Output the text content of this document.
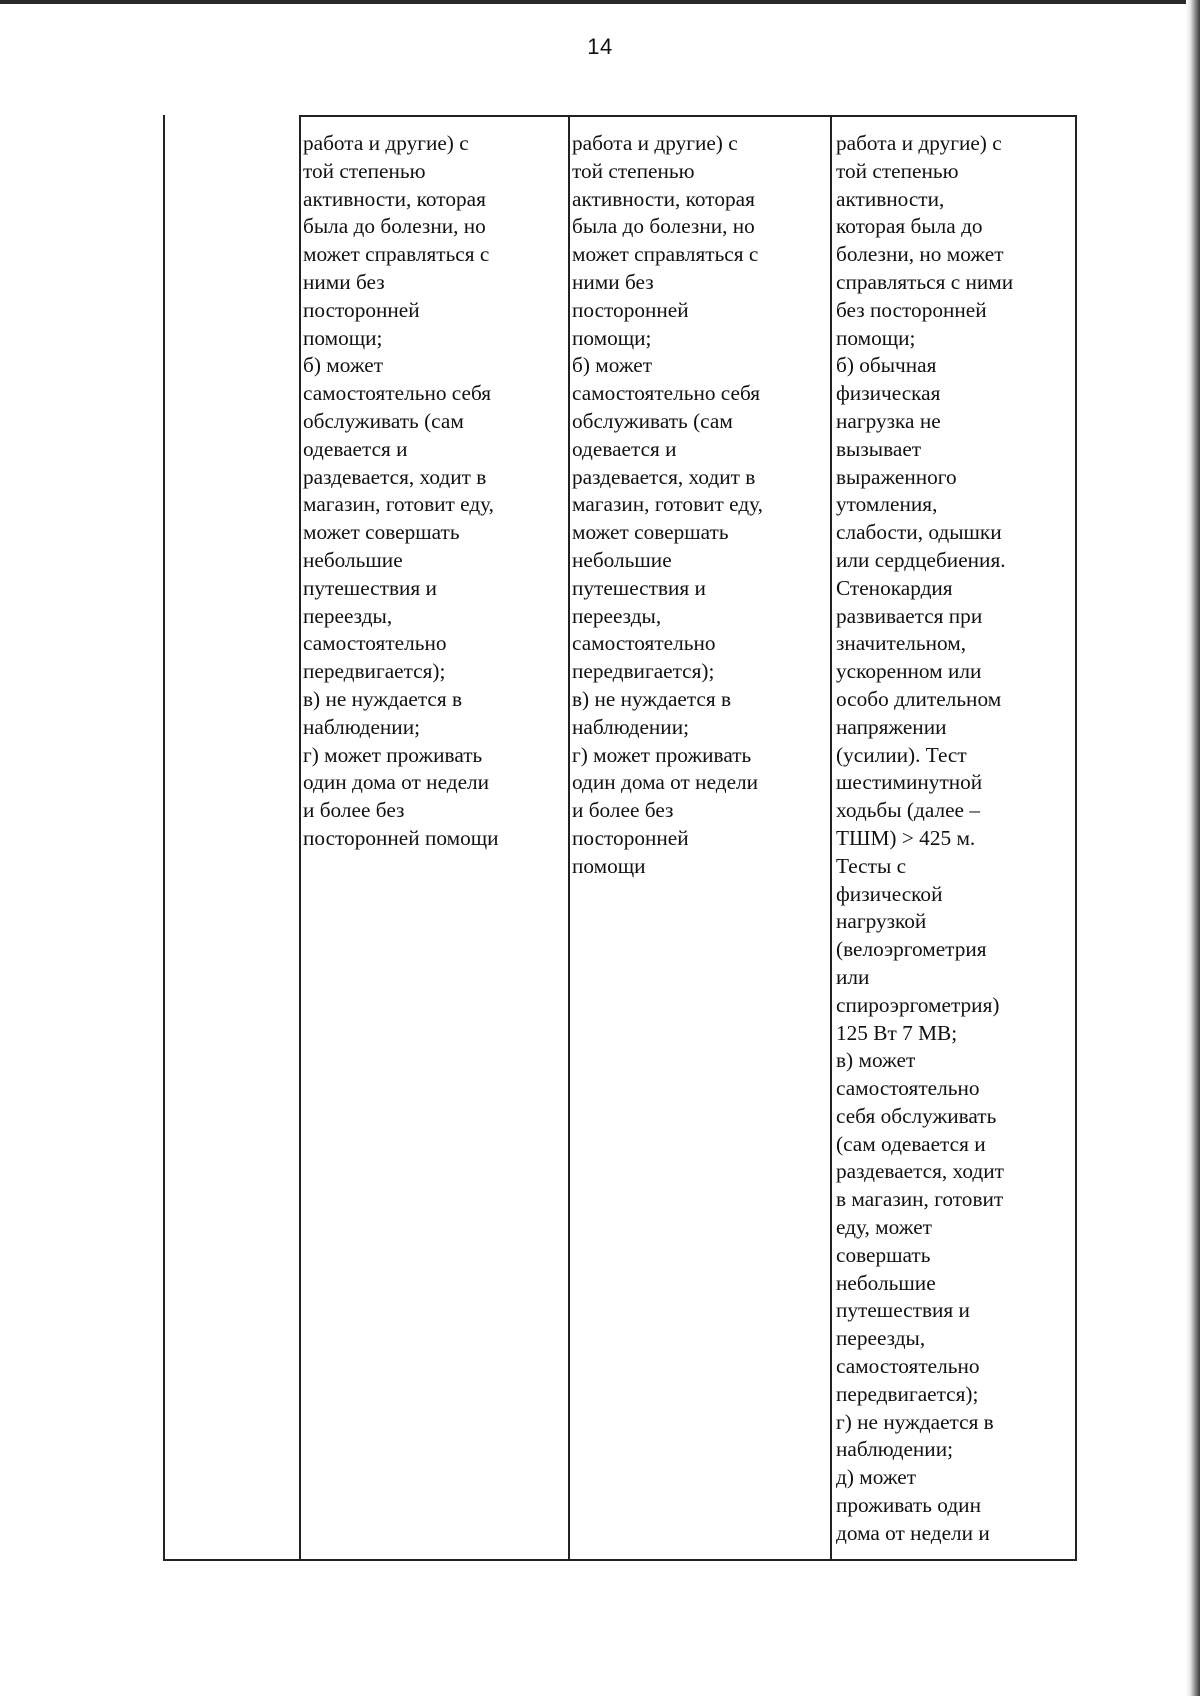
14

работа и другие) с

той степенью

активности, которая

была до болезни, но

может справляться с

ними без

посторонней

помощи;

б) может

самостоятельно себя

обслуживать (сам

одевается и

раздевается, ходит в

магазин, готовит еду,

может совершать

небольшие

путешествия и

переезды,

самостоятельно

передвигается);

в) не нуждается в

наблюдении;

г) может проживать

один дома от недели

и более без

посторонней помощи

работа и другие) с

той степенью

активности, которая

была до болезни, но

может справляться с

ними без

посторонней

помощи;

б) может

самостоятельно себя

обслуживать (сам

одевается и

раздевается, ходит в

магазин, готовит еду,

может совершать

небольшие

путешествия и

переезды,

самостоятельно

передвигается);

в) не нуждается в

наблюдении;

г) может проживать

один дома от недели

и более без

посторонней

помощи

работа и другие) с

той степенью

активности,

которая была до

болезни, но может

справляться с ними

без посторонней

помощи;

б) обычная

физическая

нагрузка не

вызывает

выраженного

утомления,

слабости, одышки

или сердцебиения.

Стенокардия

развивается при

значительном,

ускоренном или

особо длительном

напряжении

(усилии). Тест

шестиминутной

ходьбы (далее –

ТШМ) > 425 м.

Тесты с

физической

нагрузкой

(велоэргометрия

или

спироэргометрия)

125 Вт 7 МВ;

в) может

самостоятельно

себя обслуживать

(сам одевается и

раздевается, ходит

в магазин, готовит

еду, может

совершать

небольшие

путешествия и

переезды,

самостоятельно

передвигается);

г) не нуждается в

наблюдении;

д) может

проживать один

дома от недели и
